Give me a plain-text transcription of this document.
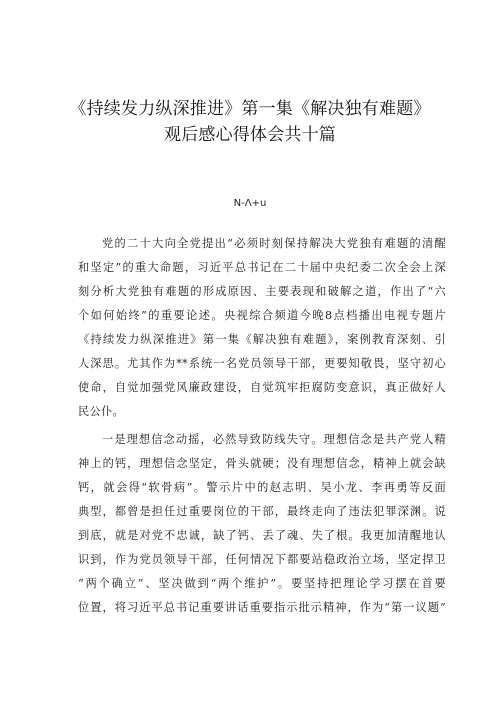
《持续发力纵深推进》第一集《解决独有难题》
观后感心得体会共十篇
N-Λ+u
党的二十大向全党提出“必须时刻保持解决大党独有难题的清醒
和坚定”的重大命题，习近平总书记在二十届中央纪委二次全会上深
刻分析大党独有难题的形成原因、主要表现和破解之道，作出了“六
个如何始终”的重要论述。央视综合频道今晚8点档播出电视专题片
《持续发力纵深推进》第一集《解决独有难题》，案例教育深刻、引
人深思。尤其作为**系统一名党员领导干部，更要知敬畏，坚守初心
使命，自觉加强党风廉政建设，自觉筑牢拒腐防变意识，真正做好人
民公仆。
一是理想信念动摇，必然导致防线失守。理想信念是共产党人精
神上的钙，理想信念坚定，骨头就硬；没有理想信念，精神上就会缺
钙，就会得“软骨病”。警示片中的赵志明、吴小龙、李再勇等反面
典型，都曾是担任过重要岗位的干部，最终走向了违法犯罪深渊。说
到底，就是对党不忠诚，缺了钙、丢了魂、失了根。我更加清醒地认
识到，作为党员领导干部，任何情况下都要站稳政治立场，坚定捍卫
“两个确立”、坚决做到“两个维护”。要坚持把理论学习摆在首要
位置，将习近平总书记重要讲话重要指示批示精神，作为“第一议题”
